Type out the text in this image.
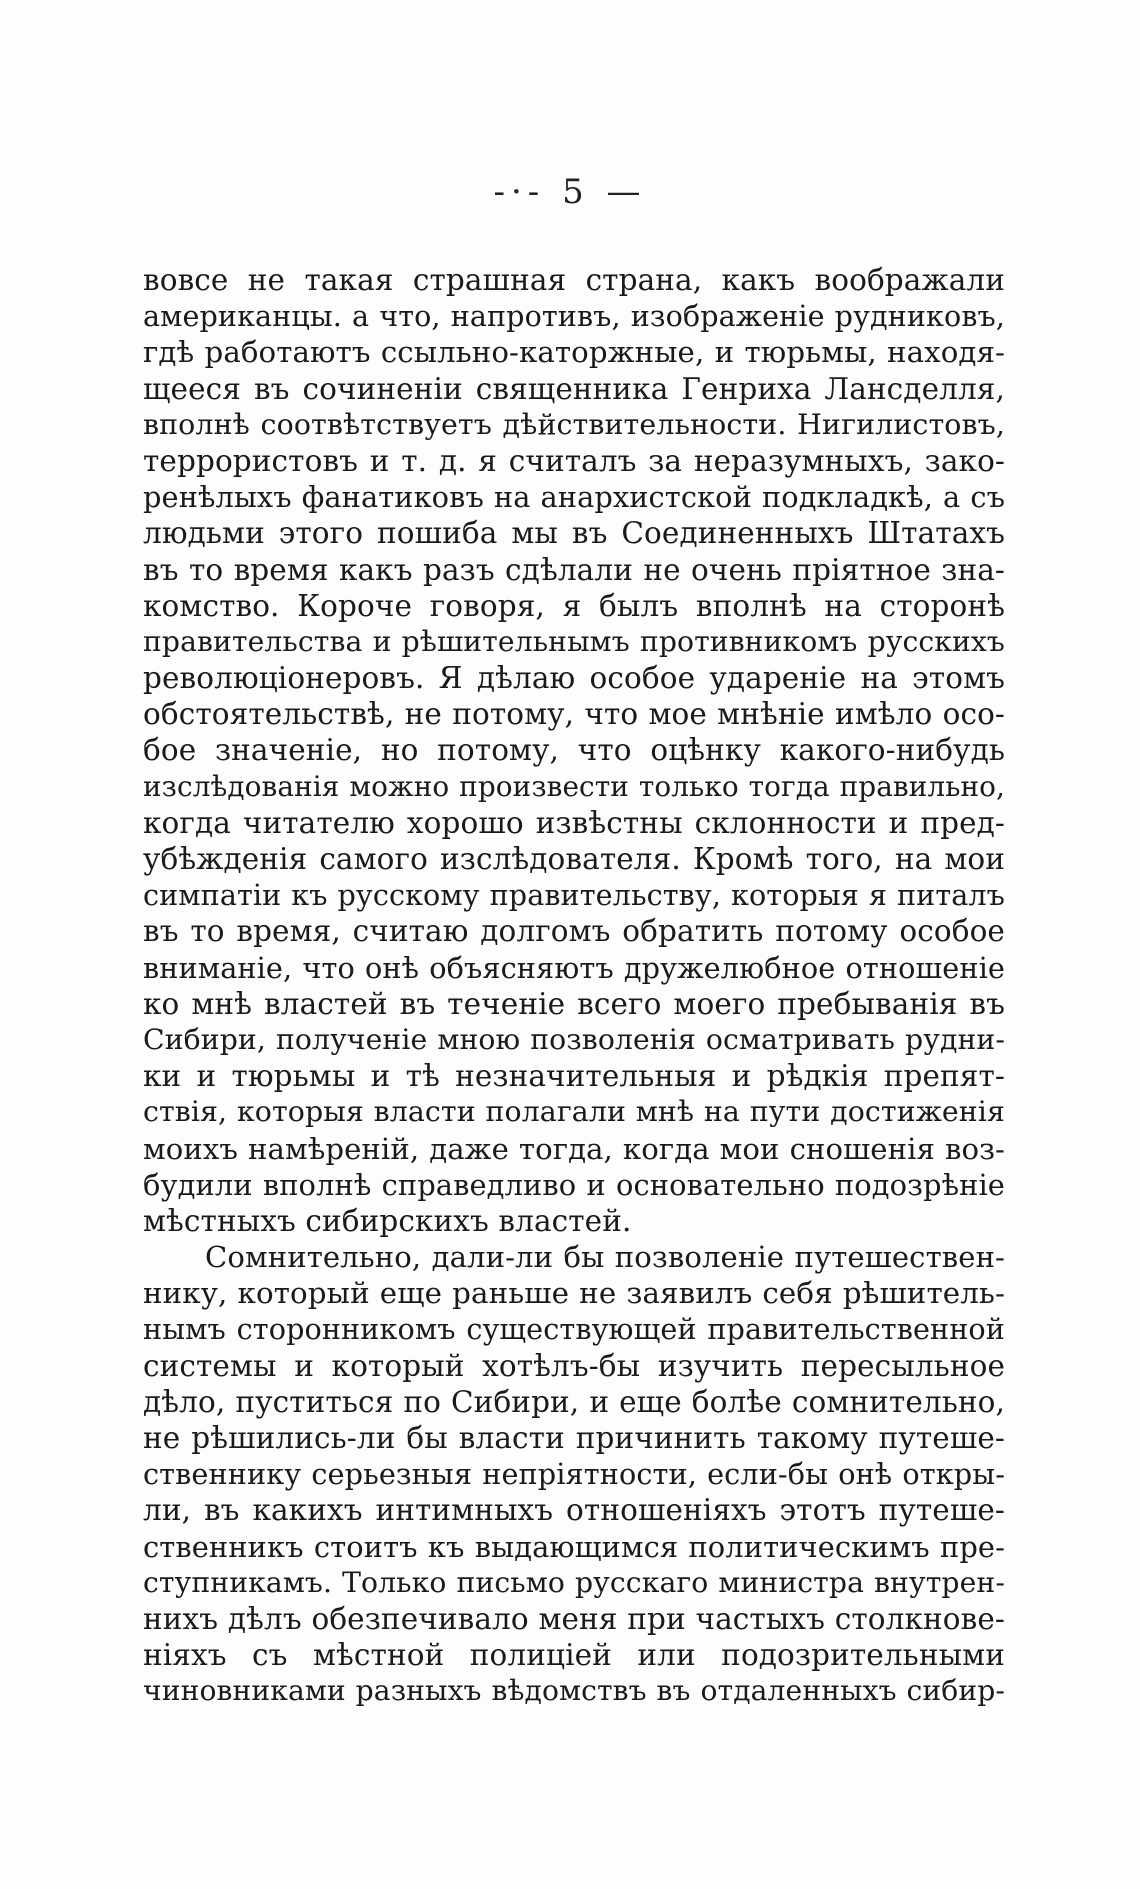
-·- 5 —
вовсе не такая страшная страна, какъ воображали
американцы. а что, напротивъ, изображеніе рудниковъ,
гдѣ работаютъ ссыльно-каторжные, и тюрьмы, находя-
щееся въ сочиненіи священника Генриха Лансделля,
вполнѣ соотвѣтствуетъ дѣйствительности. Нигилистовъ,
террористовъ и т. д. я считалъ за неразумныхъ, зако-
ренѣлыхъ фанатиковъ на анархистской подкладкѣ, а съ
людьми этого пошиба мы въ Соединенныхъ Штатахъ
въ то время какъ разъ сдѣлали не очень пріятное зна-
комство. Короче говоря, я былъ вполнѣ на сторонѣ
правительства и рѣшительнымъ противникомъ русскихъ
революціонеровъ. Я дѣлаю особое удареніе на этомъ
обстоятельствѣ, не потому, что мое мнѣніе имѣло осо-
бое значеніе, но потому, что оцѣнку какого-нибудь
изслѣдованія можно произвести только тогда правильно,
когда читателю хорошо извѣстны склонности и пред-
убѣжденія самого изслѣдователя. Кромѣ того, на мои
симпатіи къ русскому правительству, которыя я питалъ
въ то время, считаю долгомъ обратить потому особое
вниманіе, что онѣ объясняютъ дружелюбное отношеніе
ко мнѣ властей въ теченіе всего моего пребыванія въ
Сибири, полученіе мною позволенія осматривать рудни-
ки и тюрьмы и тѣ незначительныя и рѣдкія препят-
ствія, которыя власти полагали мнѣ на пути достиженія
моихъ намѣреній, даже тогда, когда мои сношенія воз-
будили вполнѣ справедливо и основательно подозрѣніе
мѣстныхъ сибирскихъ властей.
Сомнительно, дали-ли бы позволеніе путешествен-
нику, который еще раньше не заявилъ себя рѣшитель-
нымъ сторонникомъ существующей правительственной
системы и который хотѣлъ-бы изучить пересыльное
дѣло, пуститься по Сибири, и еще болѣе сомнительно,
не рѣшились-ли бы власти причинить такому путеше-
ственнику серьезныя непріятности, если-бы онѣ откры-
ли, въ какихъ интимныхъ отношеніяхъ этотъ путеше-
ственникъ стоитъ къ выдающимся политическимъ пре-
ступникамъ. Только письмо русскаго министра внутрен-
нихъ дѣлъ обезпечивало меня при частыхъ столкнове-
ніяхъ съ мѣстной полиціей или подозрительными
чиновниками разныхъ вѣдомствъ въ отдаленныхъ сибир-
